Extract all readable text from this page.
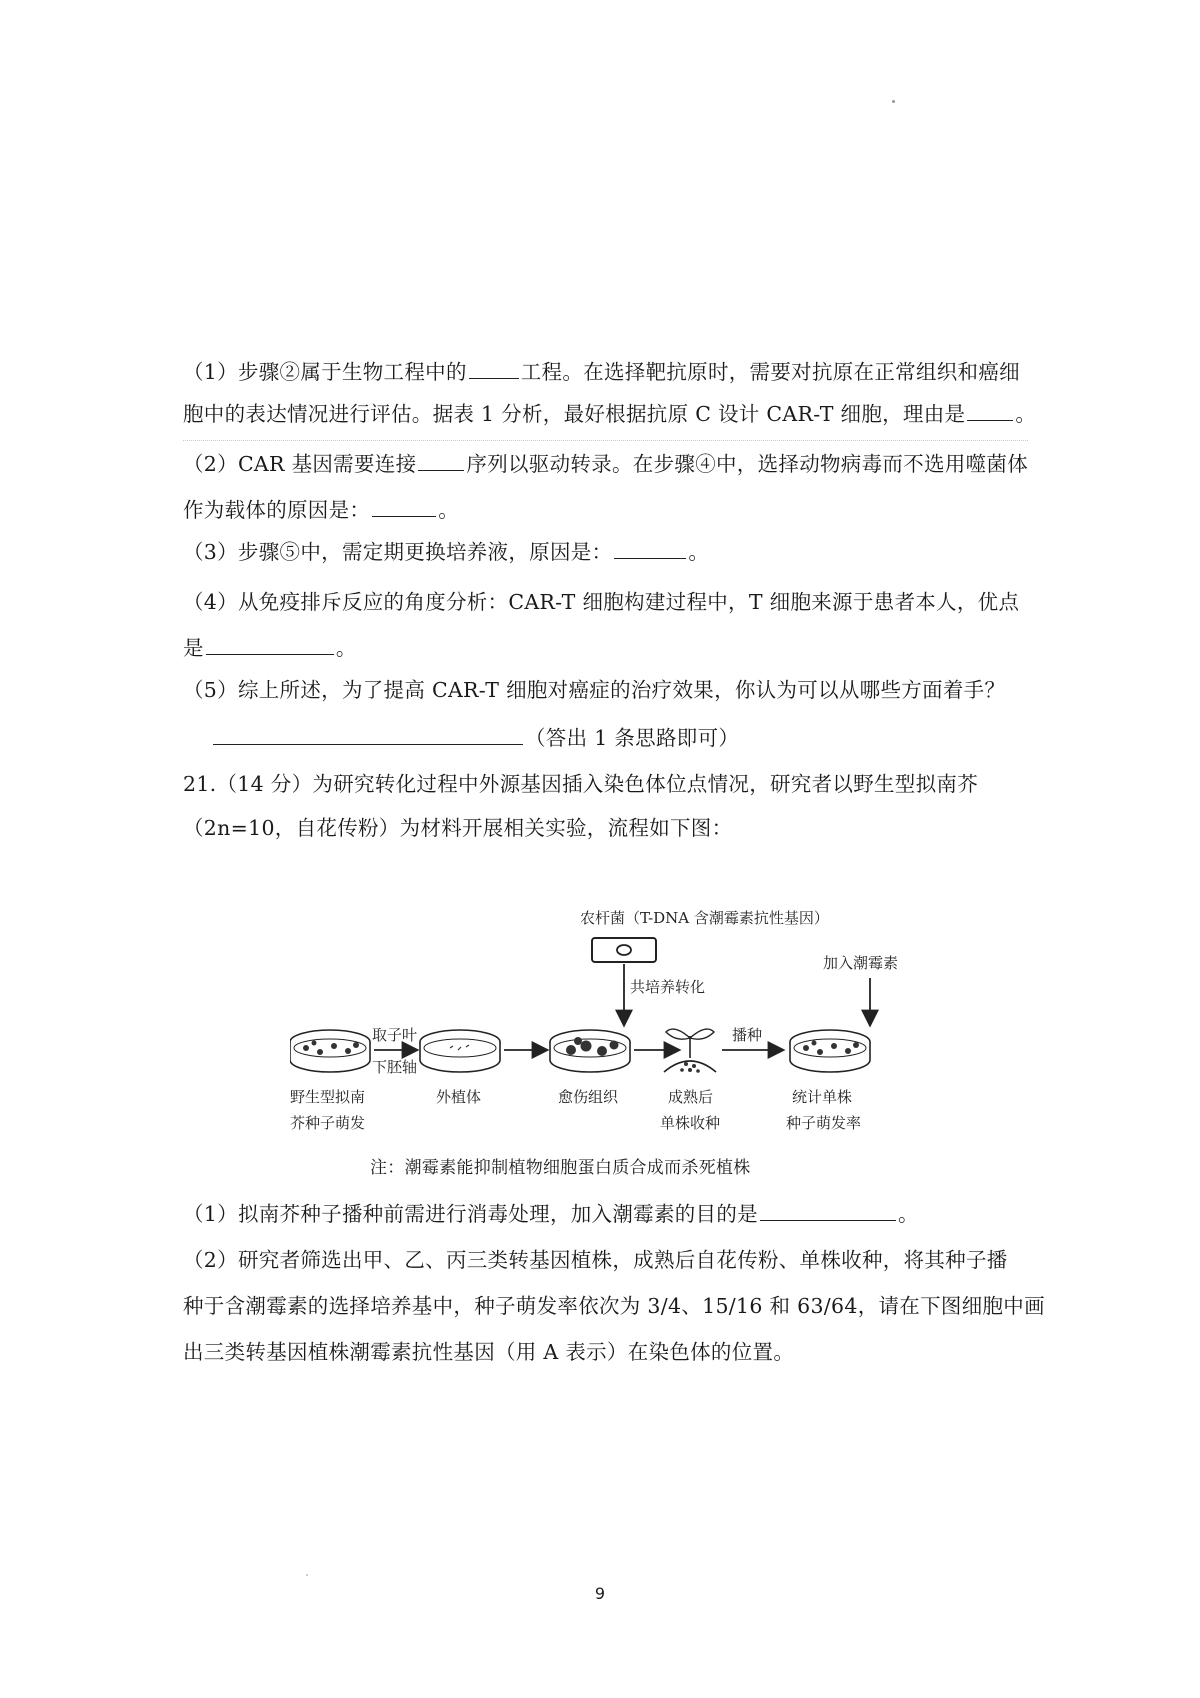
（1）步骤②属于生物工程中的	工程。在选择靶抗原时，需要对抗原在正常组织和癌细
胞中的表达情况进行评估。据表 1 分析，最好根据抗原 C 设计 CAR-T 细胞，理由是 。
（2）CAR 基因需要连接 序列以驱动转录。在步骤④中，选择动物病毒而不选用噬菌体
作为载体的原因是：	。
（3）步骤⑤中，需定期更换培养液，原因是：	。
（4）从免疫排斥反应的角度分析：CAR-T 细胞构建过程中，T 细胞来源于患者本人，优点
是	。
（5）综上所述，为了提高 CAR-T 细胞对癌症的治疗效果，你认为可以从哪些方面着手？
（答出 1 条思路即可）
21.（14 分）为研究转化过程中外源基因插入染色体位点情况，研究者以野生型拟南芥
（2n=10，自花传粉）为材料开展相关实验，流程如下图：
农杆菌（T-DNA 含潮霉素抗性基因）
共培养转化
加入潮霉素
取子叶
下胚轴
播种
野生型拟南
芥种子萌发
外植体	愈伤组织	成熟后
单株收种
统计单株
种子萌发率
注：潮霉素能抑制植物细胞蛋白质合成而杀死植株
（1）拟南芥种子播种前需进行消毒处理，加入潮霉素的目的是	。
（2）研究者筛选出甲、乙、丙三类转基因植株，成熟后自花传粉、单株收种，将其种子播
种于含潮霉素的选择培养基中，种子萌发率依次为 3/4、15/16 和 63/64，请在下图细胞中画
出三类转基因植株潮霉素抗性基因（用 A 表示）在染色体的位置。
9
